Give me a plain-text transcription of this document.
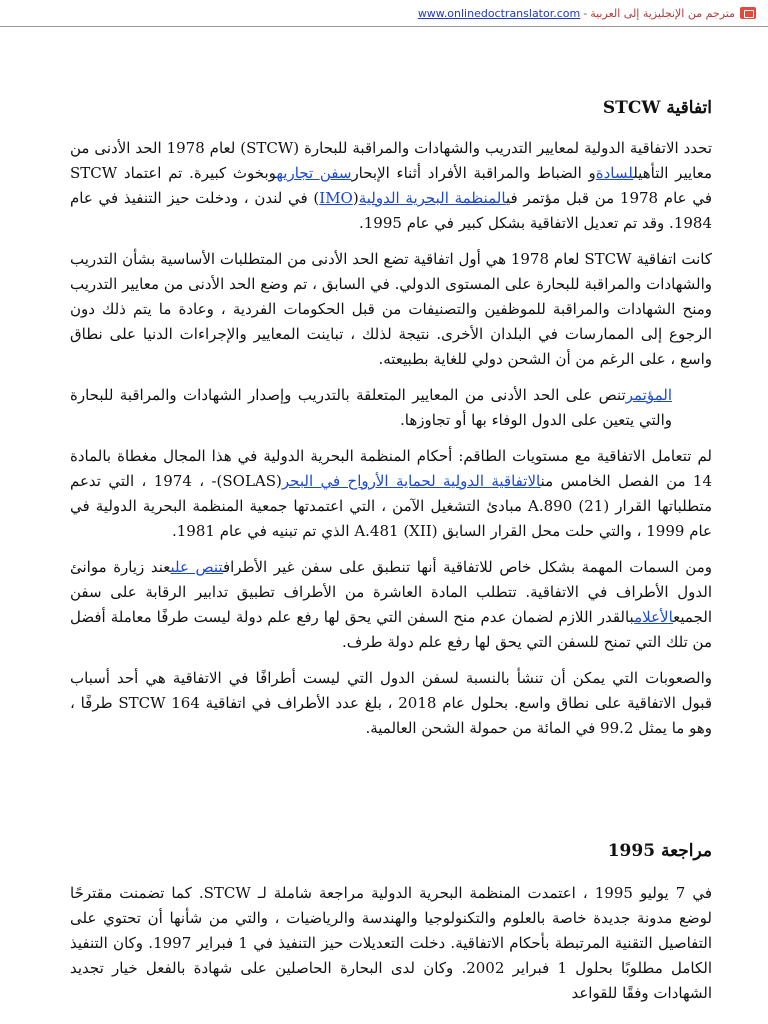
www.onlinedoctranslator.com - مترجم من الإنجليزية إلى العربية
اتفاقية STCW

تحدد الاتفاقية الدولية لمعايير التدريب والشهادات والمراقبة للبحارة (STCW) لعام 1978 الحد الأدنى من معايير التأهيللسادةو الضباط والمراقبة الأفراد أثناء الإبحارسفن تجاريهوبخوث كبيرة. تم اعتماد STCW في عام 1978 من قبل مؤتمر فيالمنظمة البحرية الدولية(IMO) في لندن ، ودخلت حيز التنفيذ في عام 1984. وقد تم تعديل الاتفاقية بشكل كبير في عام 1995.

كانت اتفاقية STCW لعام 1978 هي أول اتفاقية تضع الحد الأدنى من المتطلبات الأساسية بشأن التدريب والشهادات والمراقبة للبحارة على المستوى الدولي. في السابق ، تم وضع الحد الأدنى من معايير التدريب ومنح الشهادات والمراقبة للموظفين والتصنيفات من قبل الحكومات الفردية ، وعادة ما يتم ذلك دون الرجوع إلى الممارسات في البلدان الأخرى. نتيجة لذلك ، تباينت المعايير والإجراءات الدنيا على نطاق واسع ، على الرغم من أن الشحن دولي للغاية بطبيعته.

المؤتمرتنص على الحد الأدنى من المعايير المتعلقة بالتدريب وإصدار الشهادات والمراقبة للبحارة والتي يتعين على الدول الوفاء بها أو تجاوزها.

لم تتعامل الاتفاقية مع مستويات الطاقم: أحكام المنظمة البحرية الدولية في هذا المجال مغطاة بالمادة 14 من الفصل الخامس منالاتفاقية الدولية لحماية الأرواح في البحر(SOLAS)- ، 1974 ، التي تدعم متطلباتها القرار A.890 (21) مبادئ التشغيل الآمن ، التي اعتمدتها جمعية المنظمة البحرية الدولية في عام 1999 ، والتي حلت محل القرار السابق A.481 (XII) الذي تم تبنيه في عام 1981.

ومن السمات المهمة بشكل خاص للاتفاقية أنها تنطبق على سفن غير الأطرافتنص علىعند زيارة موانئ الدول الأطراف في الاتفاقية. تتطلب المادة العاشرة من الأطراف تطبيق تدابير الرقابة على سفن الجميعالأعلامبالقدر اللازم لضمان عدم منح السفن التي يحق لها رفع علم دولة ليست طرفًا معاملة أفضل من تلك التي تمنح للسفن التي يحق لها رفع علم دولة طرف.

والصعوبات التي يمكن أن تنشأ بالنسبة لسفن الدول التي ليست أطرافًا في الاتفاقية هي أحد أسباب قبول الاتفاقية على نطاق واسع. بحلول عام 2018 ، بلغ عدد الأطراف في اتفاقية STCW 164 طرفًا ، وهو ما يمثل 99.2 في المائة من حمولة الشحن العالمية.

مراجعة 1995

في 7 يوليو 1995 ، اعتمدت المنظمة البحرية الدولية مراجعة شاملة لـ STCW. كما تضمنت مقترحًا لوضع مدونة جديدة خاصة بالعلوم والتكنولوجيا والهندسة والرياضيات ، والتي من شأنها أن تحتوي على التفاصيل التقنية المرتبطة بأحكام الاتفاقية. دخلت التعديلات حيز التنفيذ في 1 فبراير 1997. وكان التنفيذ الكامل مطلوبًا بحلول 1 فبراير 2002. وكان لدى البحارة الحاصلين على شهادة بالفعل خيار تجديد الشهادات وفقًا للقواعد
